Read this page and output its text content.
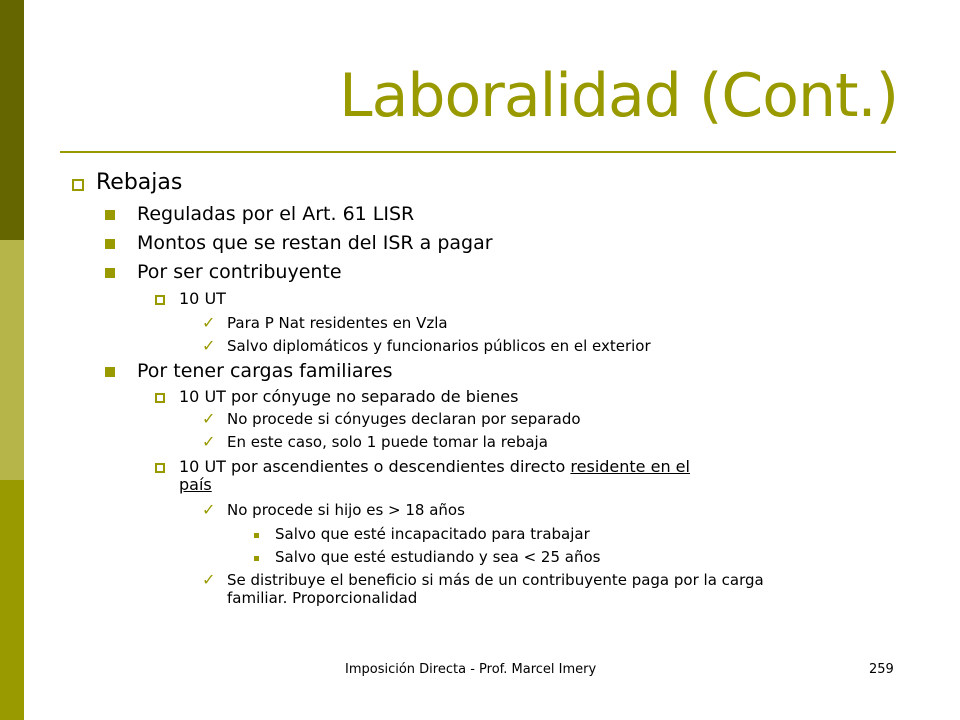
Laboralidad (Cont.)
Rebajas
Reguladas por el Art. 61 LISR
Montos que se restan del ISR a pagar
Por ser contribuyente
10 UT
✓ Para P Nat residentes en Vzla
✓ Salvo diplomáticos y funcionarios públicos en el exterior
Por tener cargas familiares
10 UT por cónyuge no separado de bienes
✓ No procede si cónyuges declaran por separado
✓ En este caso, solo 1 puede tomar la rebaja
10 UT por ascendientes o descendientes directo residente en el
país
✓ No procede si hijo es > 18 años
Salvo que esté incapacitado para trabajar
Salvo que esté estudiando y sea < 25 años
✓ Se distribuye el beneficio si más de un contribuyente paga por la carga
familiar. Proporcionalidad
Imposición Directa - Prof. Marcel Imery	259
